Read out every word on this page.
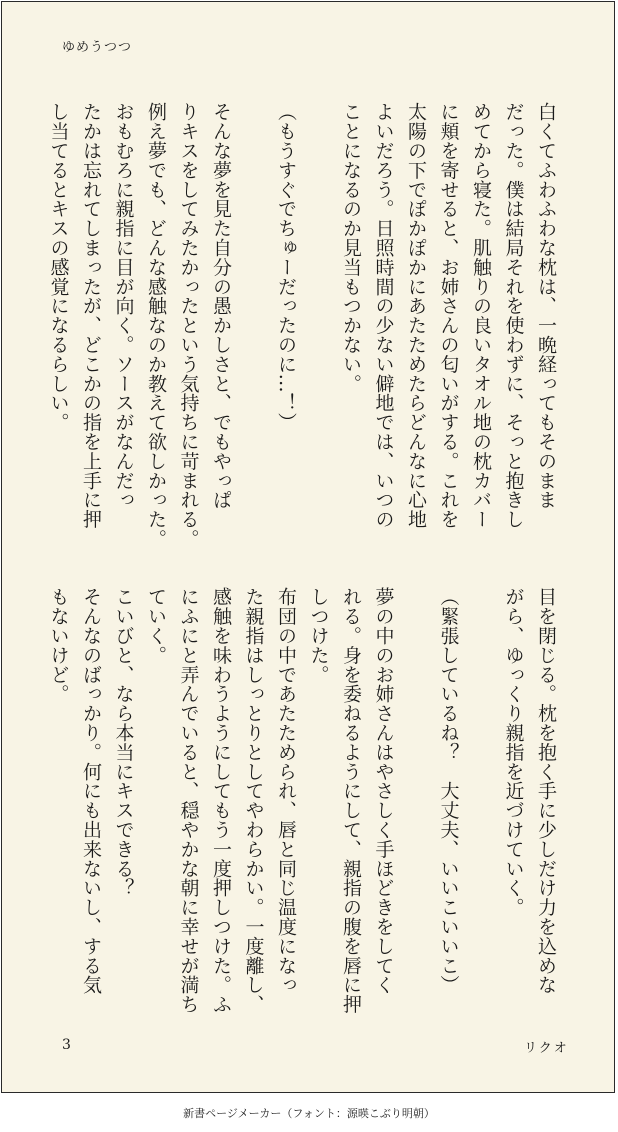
ゆめうつつ
白くてふわふわな枕は、一晩経ってもそのまま
だった。僕は結局それを使わずに、そっと抱きし
めてから寝た。肌触りの良いタオル地の枕カバー
に頬を寄せると、お姉さんの匂いがする。これを
太陽の下でぽかぽかにあたためたらどんなに心地
よいだろう。日照時間の少ない僻地では、いつの
ことになるのか見当もつかない。

（もうすぐでちゅーだったのに…！）

そんな夢を見た自分の愚かしさと、でもやっぱ
りキスをしてみたかったという気持ちに苛まれる。
例え夢でも、どんな感触なのか教えて欲しかった。
おもむろに親指に目が向く。ソースがなんだっ
たかは忘れてしまったが、どこかの指を上手に押
し当てるとキスの感覚になるらしい。
目を閉じる。枕を抱く手に少しだけ力を込めな
がら、ゆっくり親指を近づけていく。

（緊張しているね？　大丈夫、いいこいいこ）

夢の中のお姉さんはやさしく手ほどきをしてく
れる。身を委ねるようにして、親指の腹を唇に押
しつけた。
布団の中であたためられ、唇と同じ温度になっ
た親指はしっとりとしてやわらかい。一度離し、
感触を味わうようにしてもう一度押しつけた。ふ
にふにと弄んでいると、穏やかな朝に幸せが満ち
ていく。
こいびと、なら本当にキスできる？
そんなのばっかり。何にも出来ないし、する気
もないけど。
3	リクオ
新書ページメーカー（フォント：源暎こぶり明朝）
